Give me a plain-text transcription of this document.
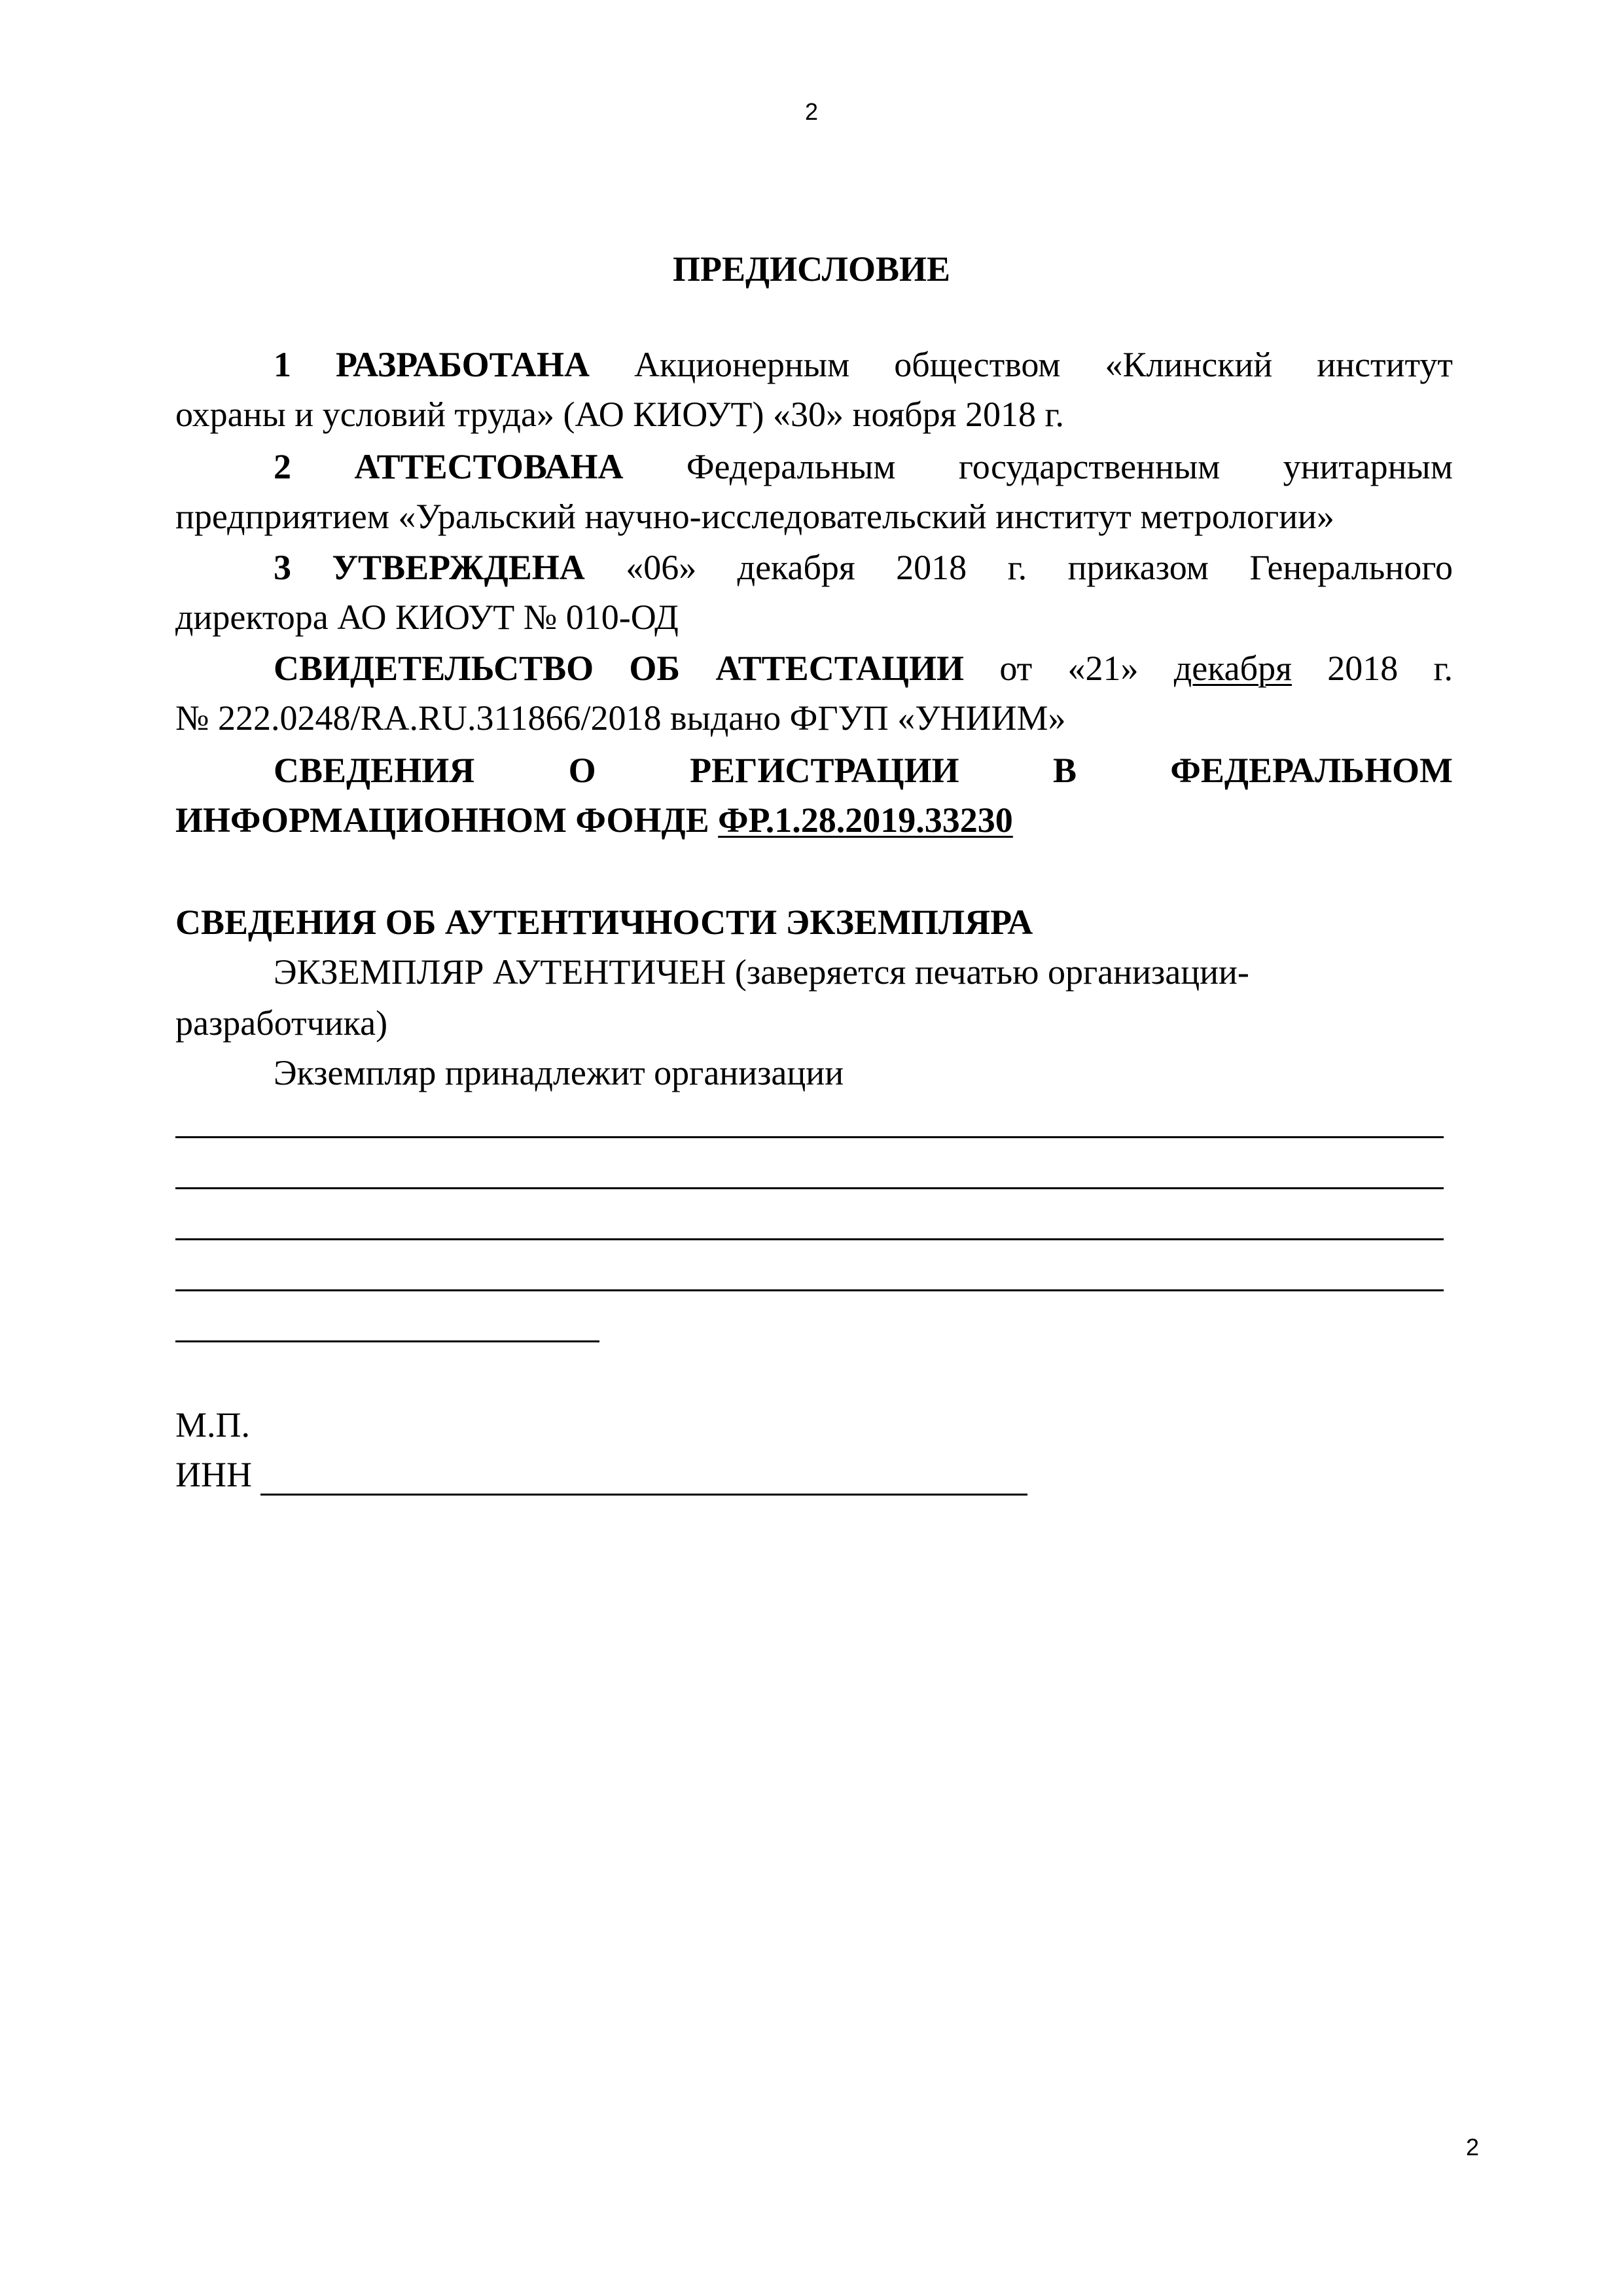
2
ПРЕДИСЛОВИЕ
1 РАЗРАБОТАНА Акционерным обществом «Клинский институт
охраны и условий труда» (АО КИОУТ) «30» ноября 2018 г.
2 АТТЕСТОВАНА Федеральным государственным унитарным
предприятием «Уральский научно-исследовательский институт метрологии»
3 УТВЕРЖДЕНА «06» декабря 2018 г. приказом Генерального
директора АО КИОУТ № 010-ОД
СВИДЕТЕЛЬСТВО ОБ АТТЕСТАЦИИ от «21» декабря 2018 г.
№ 222.0248/RA.RU.311866/2018 выдано ФГУП «УНИИМ»
СВЕДЕНИЯ О РЕГИСТРАЦИИ В ФЕДЕРАЛЬНОМ
ИНФОРМАЦИОННОМ ФОНДЕ ФР.1.28.2019.33230
СВЕДЕНИЯ ОБ АУТЕНТИЧНОСТИ ЭКЗЕМПЛЯРА
ЭКЗЕМПЛЯР АУТЕНТИЧЕН (заверяется печатью организации-
разработчика)
Экземпляр принадлежит организации
М.П.
ИНН
2
